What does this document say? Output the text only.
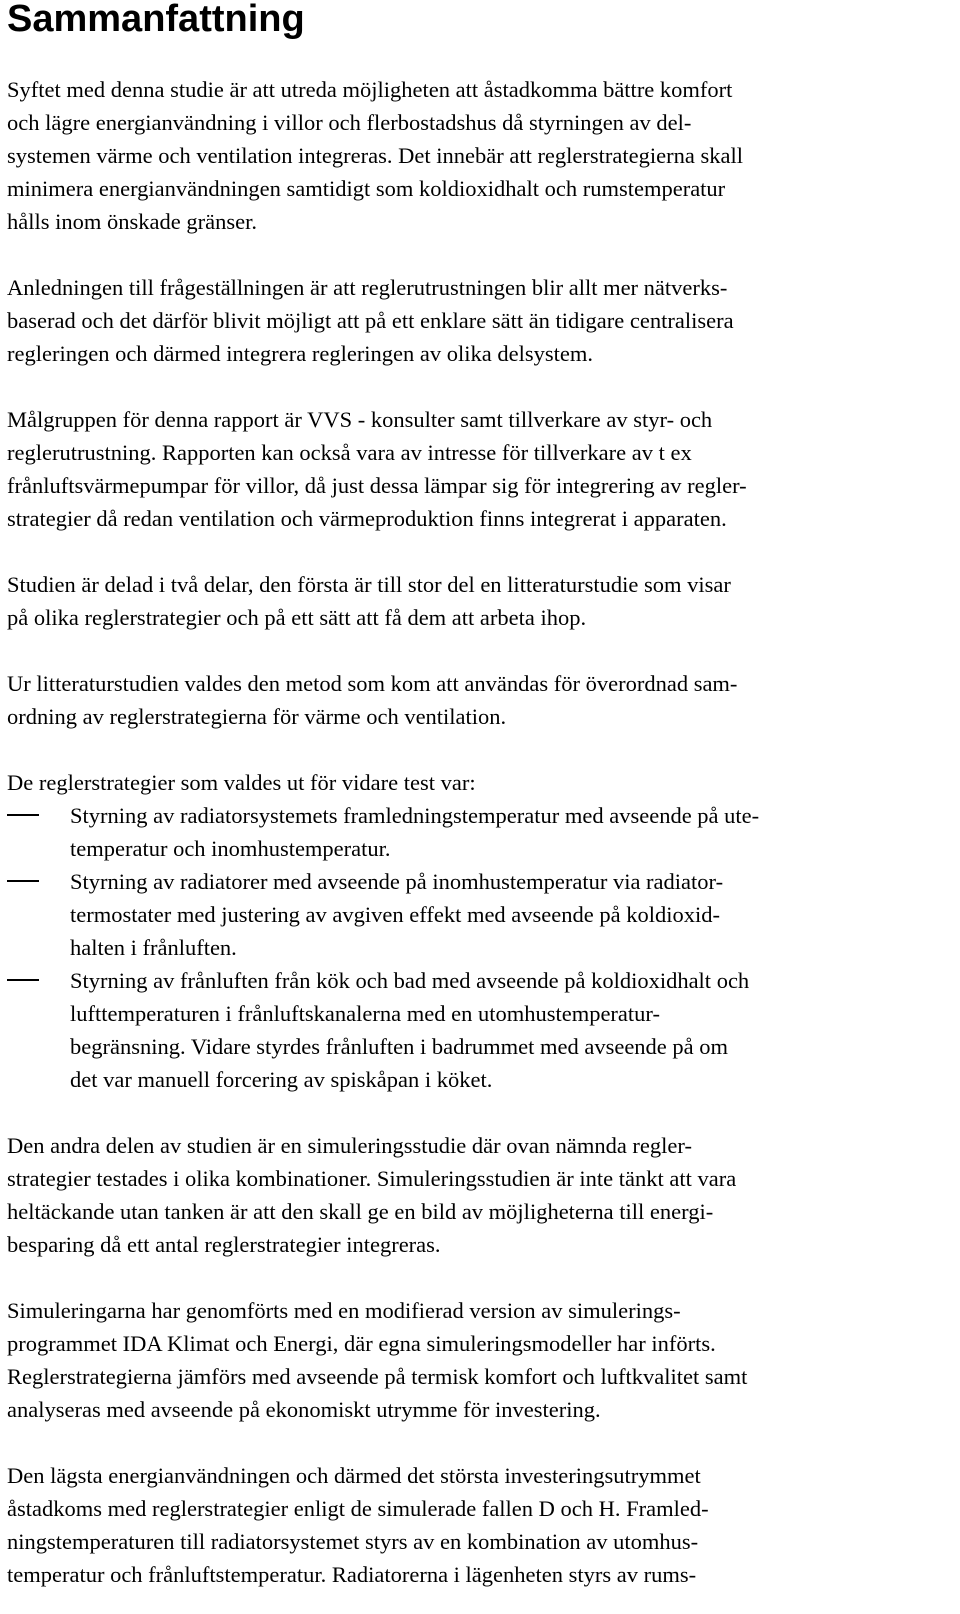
Sammanfattning
Syftet med denna studie är att utreda möjligheten att åstadkomma bättre komfort
och lägre energianvändning i villor och flerbostadshus då styrningen av del-
systemen värme och ventilation integreras. Det innebär att reglerstrategierna skall
minimera energianvändningen samtidigt som koldioxidhalt och rumstemperatur
hålls inom önskade gränser.
Anledningen till frågeställningen är att reglerutrustningen blir allt mer nätverks-
baserad och det därför blivit möjligt att på ett enklare sätt än tidigare centralisera
regleringen och därmed integrera regleringen av olika delsystem.
Målgruppen för denna rapport är VVS - konsulter samt tillverkare av styr- och
reglerutrustning. Rapporten kan också vara av intresse för tillverkare av t ex
frånluftsvärmepumpar för villor, då just dessa lämpar sig för integrering av regler-
strategier då redan ventilation och värmeproduktion finns integrerat i apparaten.
Studien är delad i två delar, den första är till stor del en litteraturstudie som visar
på olika reglerstrategier och på ett sätt att få dem att arbeta ihop.
Ur litteraturstudien valdes den metod som kom att användas för överordnad sam-
ordning av reglerstrategierna för värme och ventilation.
De reglerstrategier som valdes ut för vidare test var:
Styrning av radiatorsystemets framledningstemperatur med avseende på ute-
temperatur och inomhustemperatur.
Styrning av radiatorer med avseende på inomhustemperatur via radiator-
termostater med justering av avgiven effekt med avseende på koldioxid-
halten i frånluften.
Styrning av frånluften från kök och bad med avseende på koldioxidhalt och
lufttemperaturen i frånluftskanalerna med en utomhustemperatur-
begränsning. Vidare styrdes frånluften i badrummet med avseende på om
det var manuell forcering av spiskåpan i köket.
Den andra delen av studien är en simuleringsstudie där ovan nämnda regler-
strategier testades i olika kombinationer. Simuleringsstudien är inte tänkt att vara
heltäckande utan tanken är att den skall ge en bild av möjligheterna till energi-
besparing då ett antal reglerstrategier integreras.
Simuleringarna har genomförts med en modifierad version av simulerings-
programmet IDA Klimat och Energi, där egna simuleringsmodeller har införts.
Reglerstrategierna jämförs med avseende på termisk komfort och luftkvalitet samt
analyseras med avseende på ekonomiskt utrymme för investering.
Den lägsta energianvändningen och därmed det största investeringsutrymmet
åstadkoms med reglerstrategier enligt de simulerade fallen D och H. Framled-
ningstemperaturen till radiatorsystemet styrs av en kombination av utomhus-
temperatur och frånluftstemperatur. Radiatorerna i lägenheten styrs av rums-
